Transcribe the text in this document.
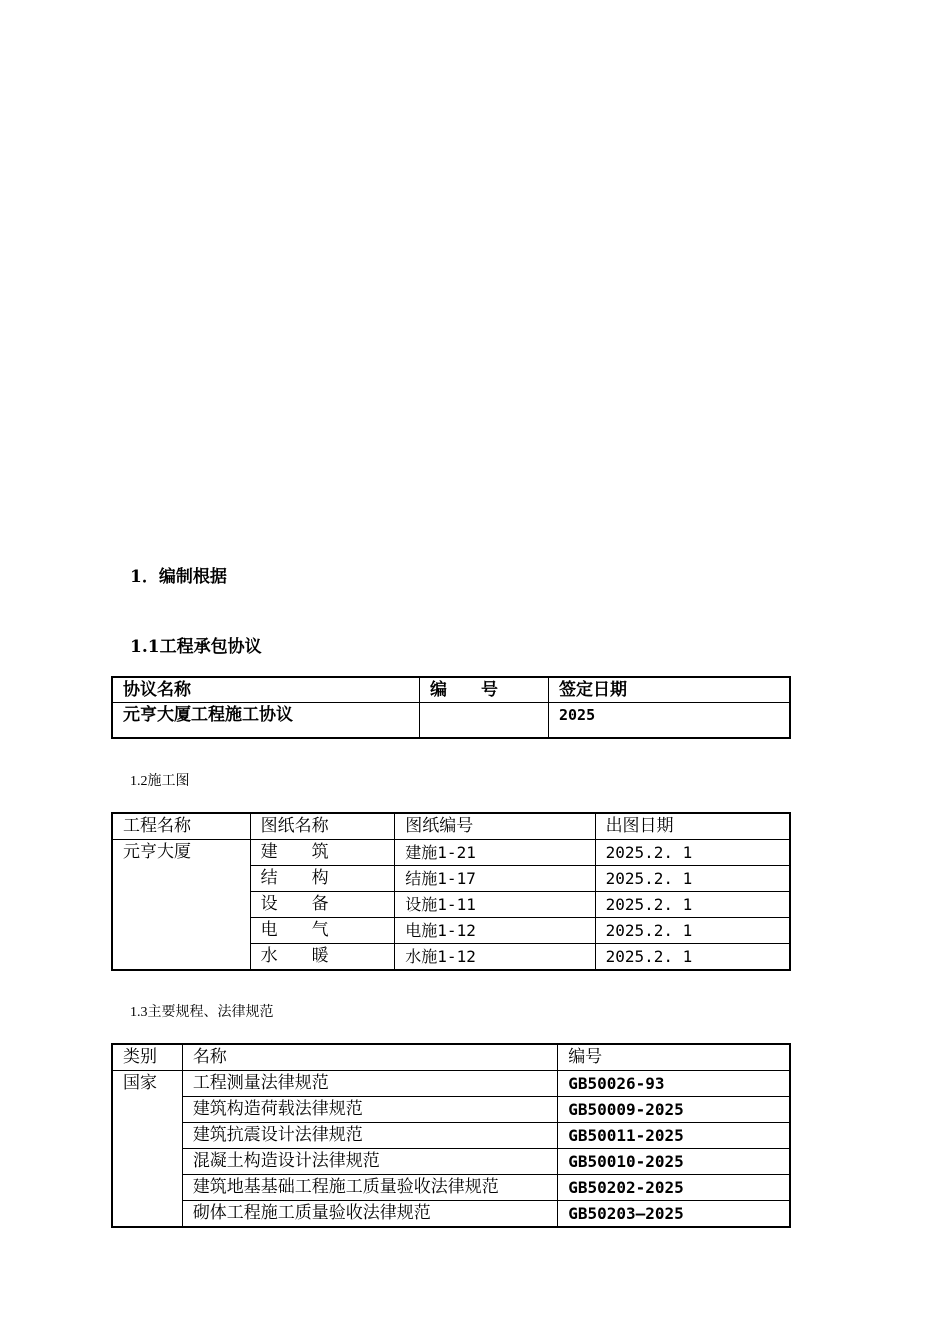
1．编制根据
1.1工程承包协议
协议名称	编　　号	签定日期
元亨大厦工程施工协议		2025
1.2施工图
工程名称	图纸名称	图纸编号	出图日期
元亨大厦	建　　筑	建施1-21	2025.2. 1
	结　　构	结施1-17	2025.2. 1
	设　　备	设施1-11	2025.2. 1
	电　　气	电施1-12	2025.2. 1
	水　　暖	水施1-12	2025.2. 1
1.3主要规程、法律规范
类别	名称	编号
国家	工程测量法律规范	GB50026-93
	建筑构造荷载法律规范	GB50009-2025
	建筑抗震设计法律规范	GB50011-2025
	混凝土构造设计法律规范	GB50010-2025
	建筑地基基础工程施工质量验收法律规范	GB50202-2025
	砌体工程施工质量验收法律规范	GB50203—2025
